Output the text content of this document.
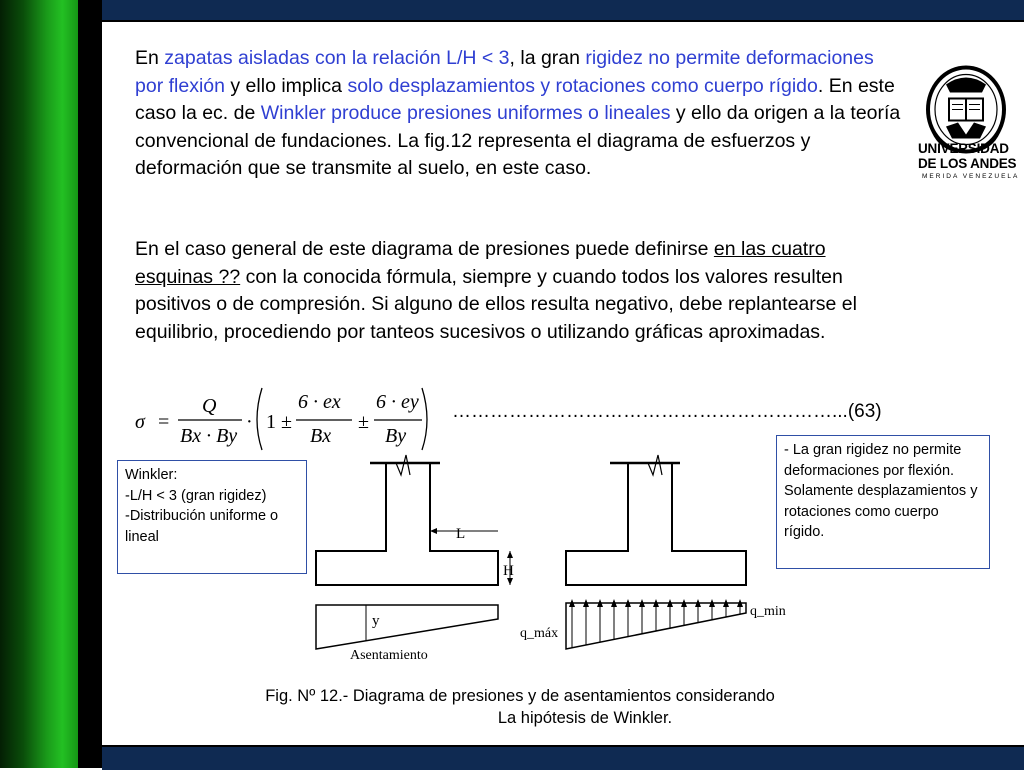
En zapatas aisladas con la relación L/H < 3, la gran rigidez no permite deformaciones por flexión y ello implica solo desplazamientos y rotaciones como cuerpo rígido. En este caso la ec. de Winkler produce presiones uniformes o lineales y ello da origen a la teoría convencional de fundaciones. La fig.12 representa el diagrama de esfuerzos y deformación que se transmite al suelo, en este caso.
En el caso general de este diagrama de presiones puede definirse en las cuatro esquinas ?? con la conocida fórmula, siempre y cuando todos los valores resulten positivos o de compresión. Si alguno de ellos resulta negativo, debe replantearse el equilibrio, procediendo por tanteos sucesivos o utilizando gráficas aproximadas.
UNIVERSIDAD
DE LOS ANDES
MERIDA VENEZUELA
σ =
Q
Bx · By
· 1 ±
6 · ex
Bx
±
6 · ey
By
……………………………………………………...(63)

Winkler:

-L/H < 3 (gran rigidez)

-Distribución uniforme o lineal

- La gran rigidez no permite deformaciones por flexión. Solamente desplazamientos y rotaciones como cuerpo rígido.

L
H
y
Asentamiento
q_máx
q_min
Fig. Nº 12.- Diagrama de presiones y de asentamientos considerando
La hipótesis de Winkler.
